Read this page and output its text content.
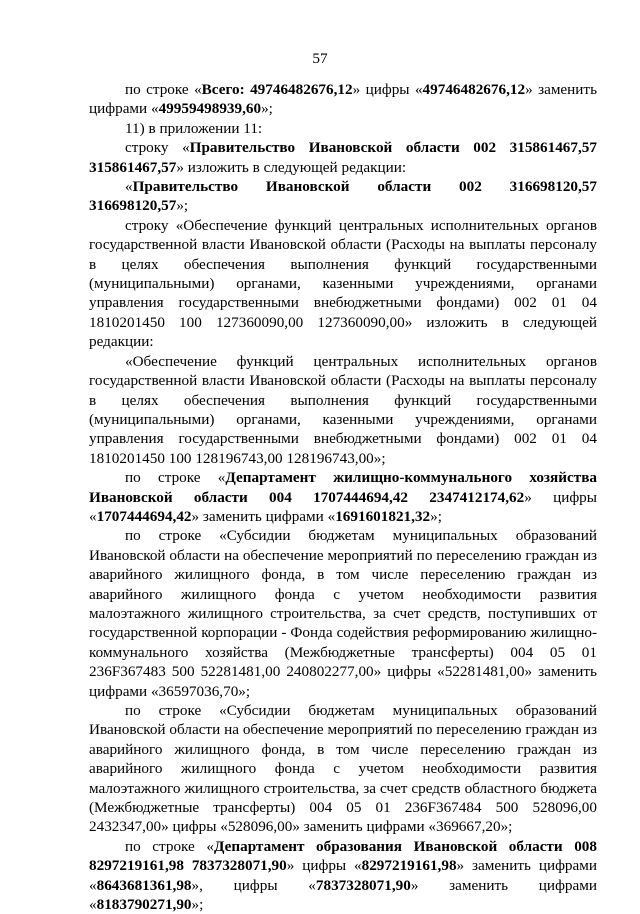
57

по строке «Всего: 49746482676,12» цифры «49746482676,12» заменить цифрами «49959498939,60»;

11) в приложении 11:

строку «Правительство Ивановской области 002 315861467,57 315861467,57» изложить в следующей редакции:

«Правительство Ивановской области 002 316698120,57 316698120,57»;

строку «Обеспечение функций центральных исполнительных органов государственной власти Ивановской области (Расходы на выплаты персоналу в целях обеспечения выполнения функций государственными (муниципальными) органами, казенными учреждениями, органами управления государственными внебюджетными фондами) 002 01 04 1810201450 100 127360090,00 127360090,00» изложить в следующей редакции:

«Обеспечение функций центральных исполнительных органов государственной власти Ивановской области (Расходы на выплаты персоналу в целях обеспечения выполнения функций государственными (муниципальными) органами, казенными учреждениями, органами управления государственными внебюджетными фондами) 002 01 04 1810201450 100 128196743,00 128196743,00»;

по строке «Департамент жилищно-коммунального хозяйства Ивановской области 004 1707444694,42 2347412174,62» цифры «1707444694,42» заменить цифрами «1691601821,32»;

по строке «Субсидии бюджетам муниципальных образований Ивановской области на обеспечение мероприятий по переселению граждан из аварийного жилищного фонда, в том числе переселению граждан из аварийного жилищного фонда с учетом необходимости развития малоэтажного жилищного строительства, за счет средств, поступивших от государственной корпорации - Фонда содействия реформированию жилищно-коммунального хозяйства (Межбюджетные трансферты) 004 05 01 236F367483 500 52281481,00 240802277,00» цифры «52281481,00» заменить цифрами «36597036,70»;

по строке «Субсидии бюджетам муниципальных образований Ивановской области на обеспечение мероприятий по переселению граждан из аварийного жилищного фонда, в том числе переселению граждан из аварийного жилищного фонда с учетом необходимости развития малоэтажного жилищного строительства, за счет средств областного бюджета (Межбюджетные трансферты) 004 05 01 236F367484 500 528096,00 2432347,00» цифры «528096,00» заменить цифрами «369667,20»;

по строке «Департамент образования Ивановской области 008 8297219161,98 7837328071,90» цифры «8297219161,98» заменить цифрами «8643681361,98», цифры «7837328071,90» заменить цифрами «8183790271,90»;
